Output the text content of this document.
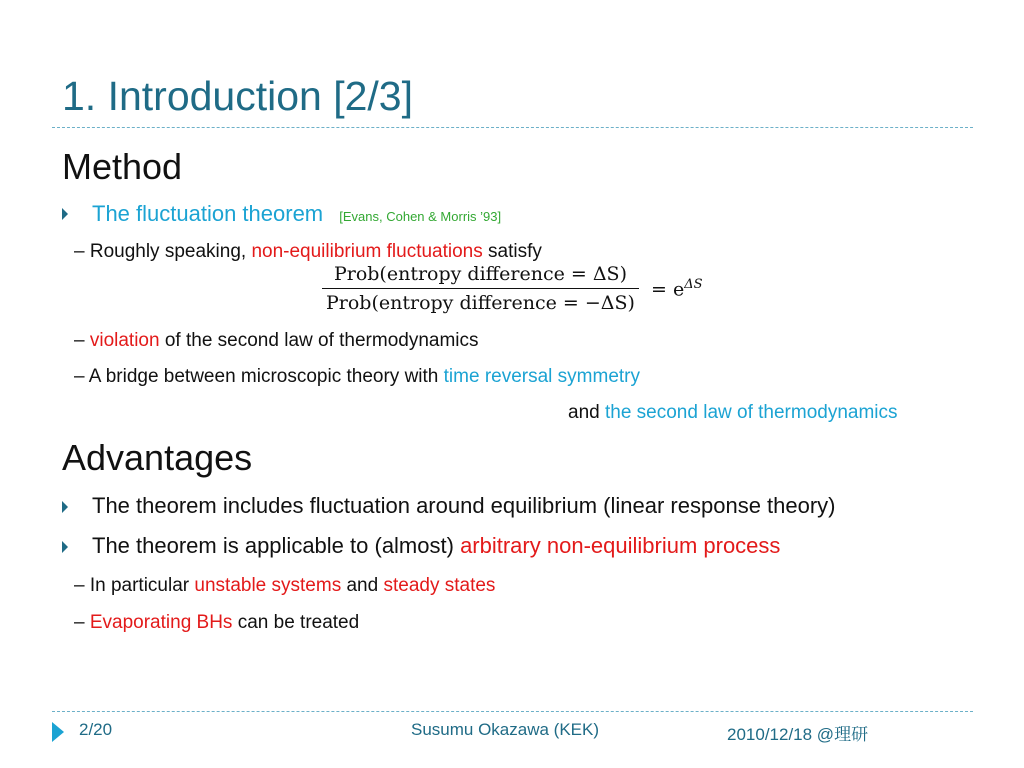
1. Introduction [2/3]
Method
The fluctuation theorem [Evans, Cohen & Morris ’93]
– Roughly speaking, non-equilibrium fluctuations satisfy
$\frac{\text{Prob(entropy difference = ΔS)}}{\text{Prob(entropy difference = −ΔS)}} = e^{\Delta S}$
– violation of the second law of thermodynamics
– A bridge between microscopic theory with time reversal symmetry
and the second law of thermodynamics
Advantages
The theorem includes fluctuation around equilibrium (linear response theory)
The theorem is applicable to (almost) arbitrary non-equilibrium process
– In particular unstable systems and steady states
– Evaporating BHs can be treated
2/20	Susumu Okazawa (KEK)	2010/12/18 @理研
